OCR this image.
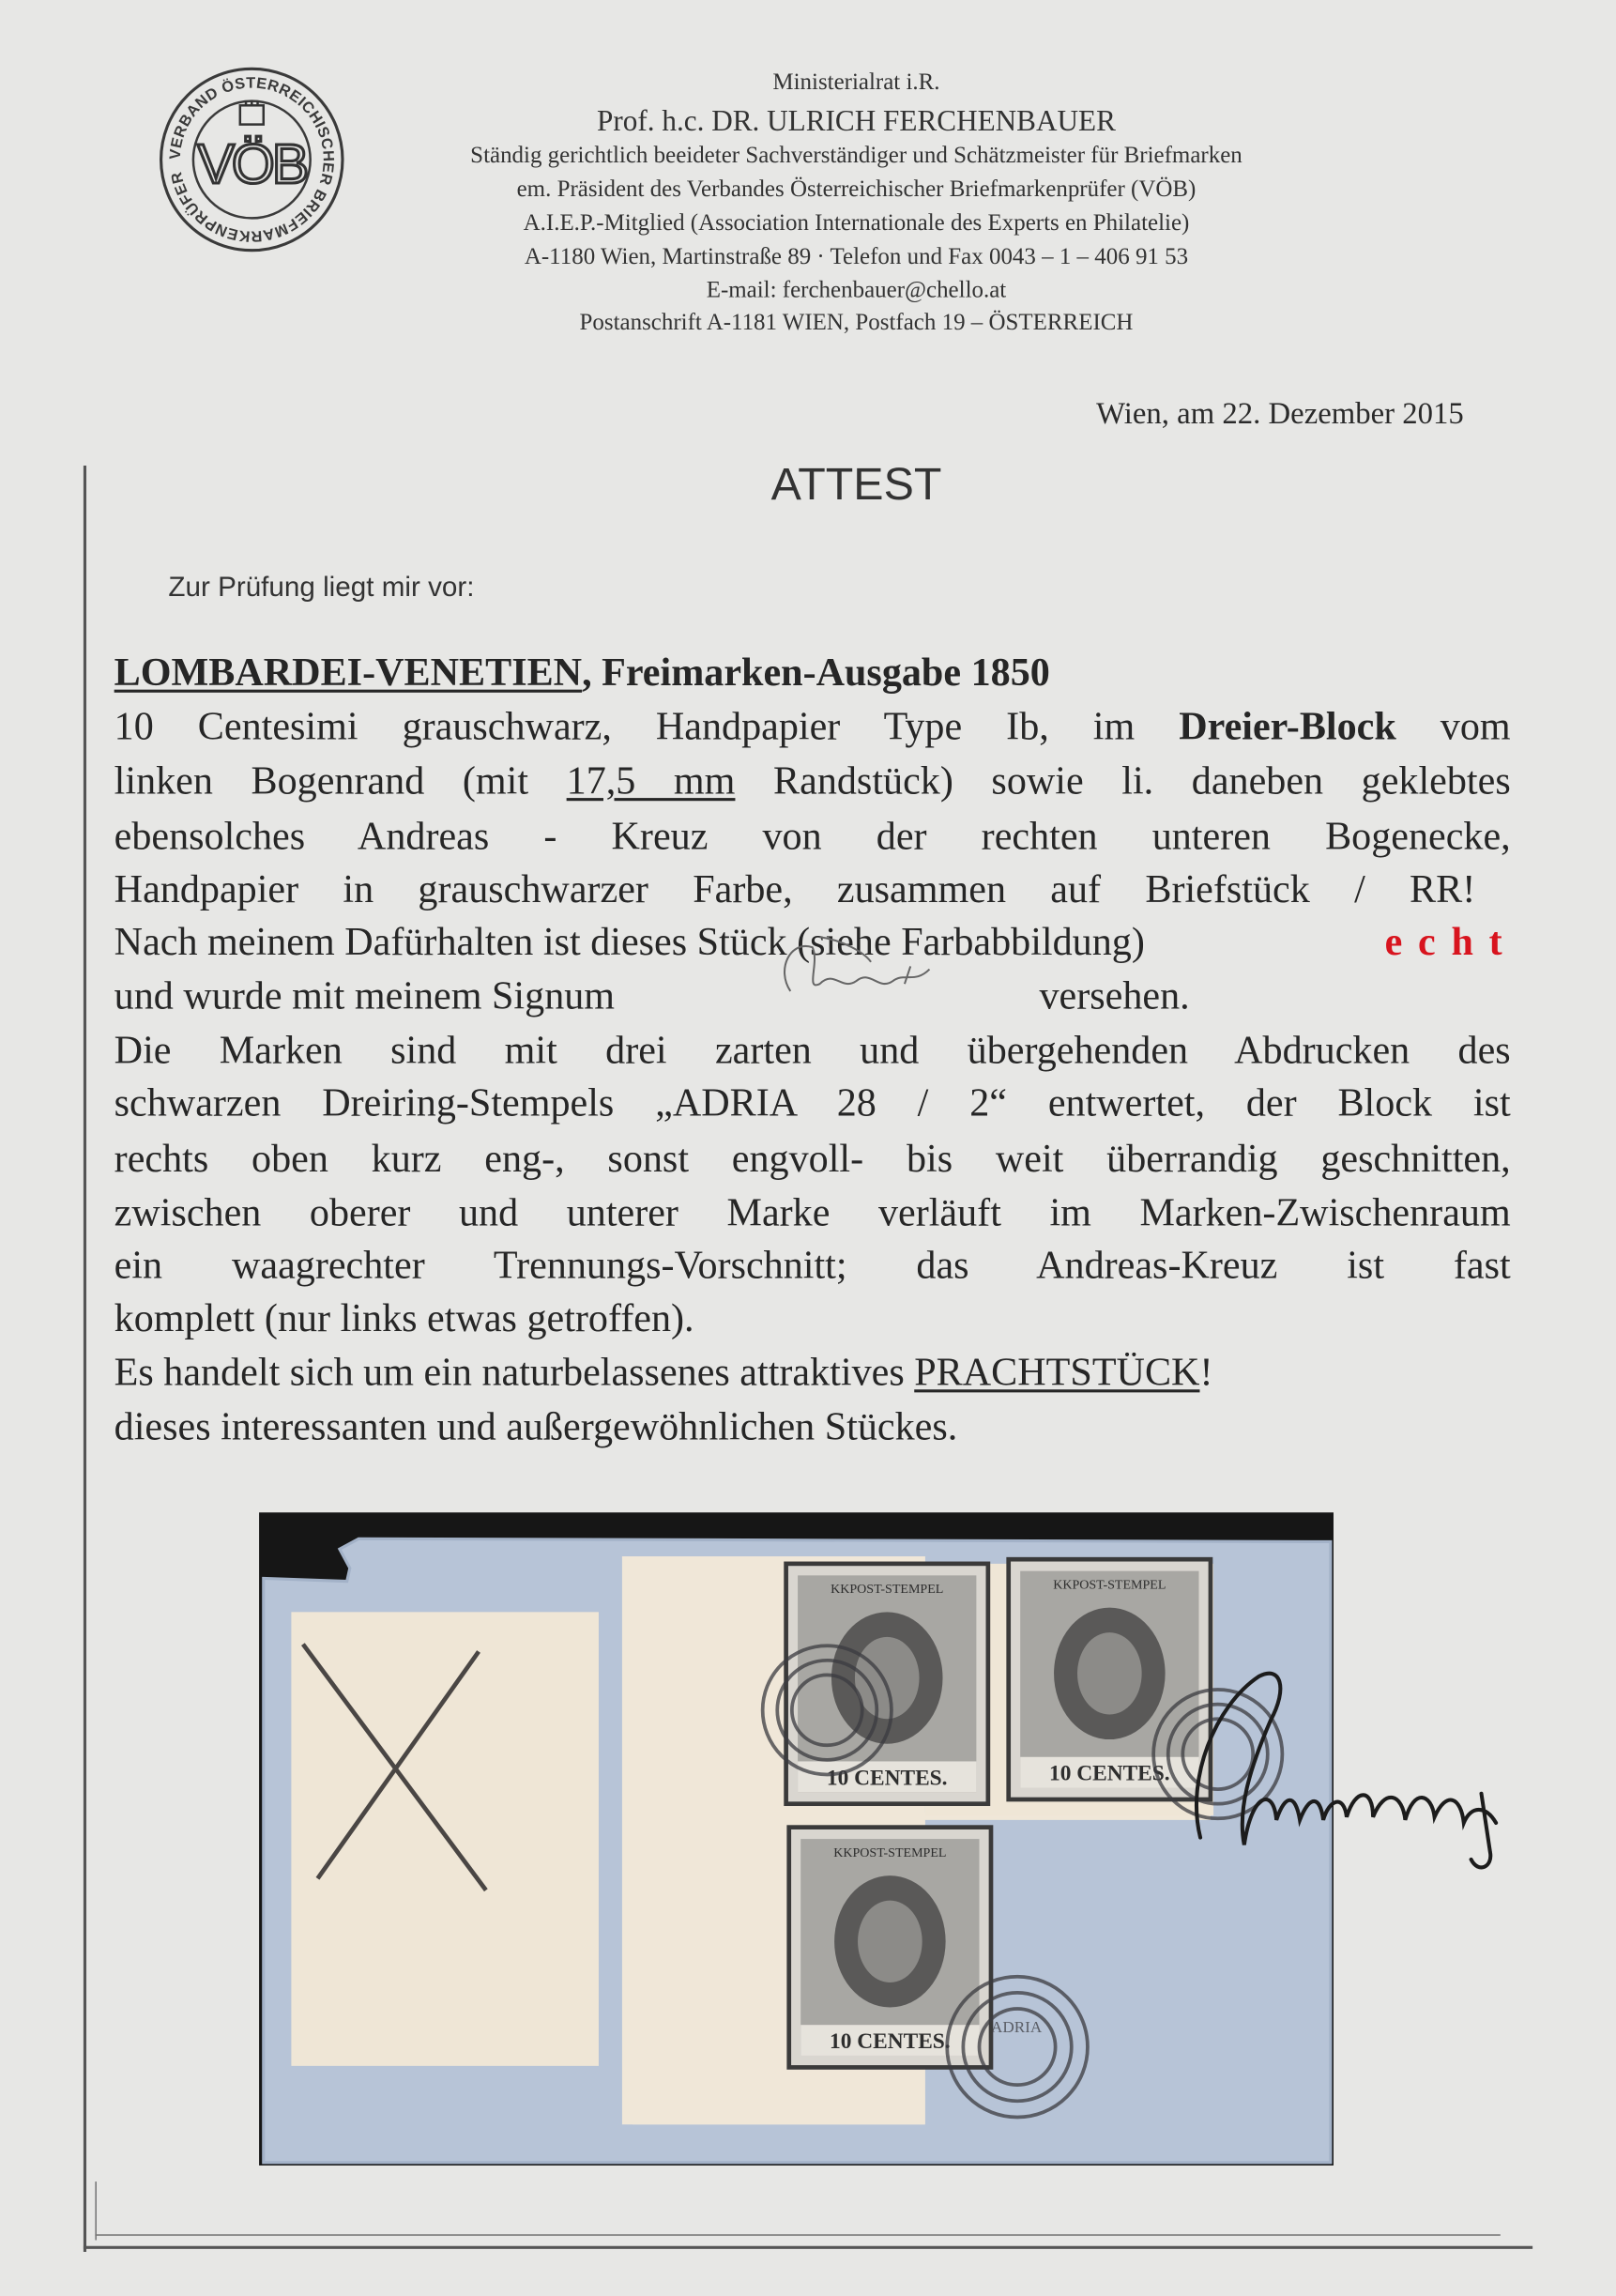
VERBAND ÖSTERREICHISCHER BRIEFMARKENPRÜFER VÖB
Ministerialrat i.R.
Prof. h.c. DR. ULRICH FERCHENBAUER
Ständig gerichtlich beeideter Sachverständiger und Schätzmeister für Briefmarken
em. Präsident des Verbandes Österreichischer Briefmarkenprüfer (VÖB)
A.I.E.P.-Mitglied (Association Internationale des Experts en Philatelie)
A-1180 Wien, Martinstraße 89 · Telefon und Fax 0043 – 1 – 406 91 53
E-mail: ferchenbauer@chello.at
Postanschrift A-1181 WIEN, Postfach 19 – ÖSTERREICH
Wien, am 22. Dezember 2015
ATTEST
Zur Prüfung liegt mir vor:
LOMBARDEI-VENETIEN, Freimarken-Ausgabe 1850
10 Centesimi grauschwarz, Handpapier Type Ib, im Dreier-Block vom
linken Bogenrand (mit 17,5 mm Randstück) sowie li. daneben geklebtes
ebensolches Andreas - Kreuz von der rechten unteren Bogenecke,
Handpapier in grauschwarzer Farbe, zusammen auf Briefstück / RR!
Nach meinem Dafürhalten ist dieses Stück (siehe Farbabbildung)	e c h t
und wurde mit meinem Signum	versehen.
Die Marken sind mit drei zarten und übergehenden Abdrucken des
schwarzen Dreiring-Stempels „ADRIA 28 / 2“ entwertet, der Block ist
rechts oben kurz eng-, sonst engvoll- bis weit überrandig geschnitten,
zwischen oberer und unterer Marke verläuft im Marken-Zwischenraum
ein waagrechter Trennungs-Vorschnitt; das Andreas-Kreuz ist fast
komplett (nur links etwas getroffen).
Es handelt sich um ein naturbelassenes attraktives PRACHTSTÜCK!
dieses interessanten und außergewöhnlichen Stückes.
10 CENTES.
KKPOST-STEMPEL
10 CENTES.
KKPOST-STEMPEL
10 CENTES.
KKPOST-STEMPEL
ADRIA
